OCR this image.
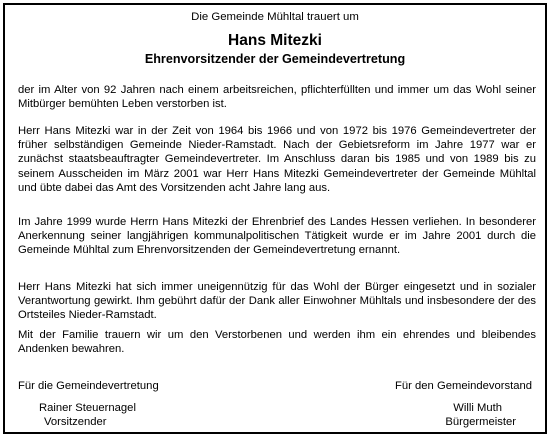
Die Gemeinde Mühltal trauert um
Hans Mitezki
Ehrenvorsitzender der Gemeindevertretung
der im Alter von 92 Jahren nach einem arbeitsreichen, pflichterfüllten und immer um das Wohl seiner Mitbürger bemühten Leben verstorben ist.
Herr Hans Mitezki war in der Zeit von 1964 bis 1966 und von 1972 bis 1976 Gemeindevertreter der früher selbständigen Gemeinde Nieder-Ramstadt. Nach der Gebietsreform im Jahre 1977 war er zunächst staatsbeauftragter Gemeindevertreter. Im Anschluss daran bis 1985 und von 1989 bis zu seinem Ausscheiden im März 2001 war Herr Hans Mitezki Gemeindevertreter der Gemeinde Mühltal und übte dabei das Amt des Vorsitzenden acht Jahre lang aus.
Im Jahre 1999 wurde Herrn Hans Mitezki der Ehrenbrief des Landes Hessen verliehen. In besonderer Anerkennung seiner langjährigen kommunalpolitischen Tätigkeit wurde er im Jahre 2001 durch die Gemeinde Mühltal zum Ehrenvorsitzenden der Gemeindevertretung ernannt.
Herr Hans Mitezki hat sich immer uneigennützig für das Wohl der Bürger eingesetzt und in sozialer Verantwortung gewirkt. Ihm gebührt dafür der Dank aller Einwohner Mühltals und insbesondere der des Ortsteiles Nieder-Ramstadt.
Mit der Familie trauern wir um den Verstorbenen und werden ihm ein ehrendes und bleibendes Andenken bewahren.
Für die Gemeindevertretung	Für den Gemeindevorstand
Rainer Steuernagel
Vorsitzender
Willi Muth
Bürgermeister
